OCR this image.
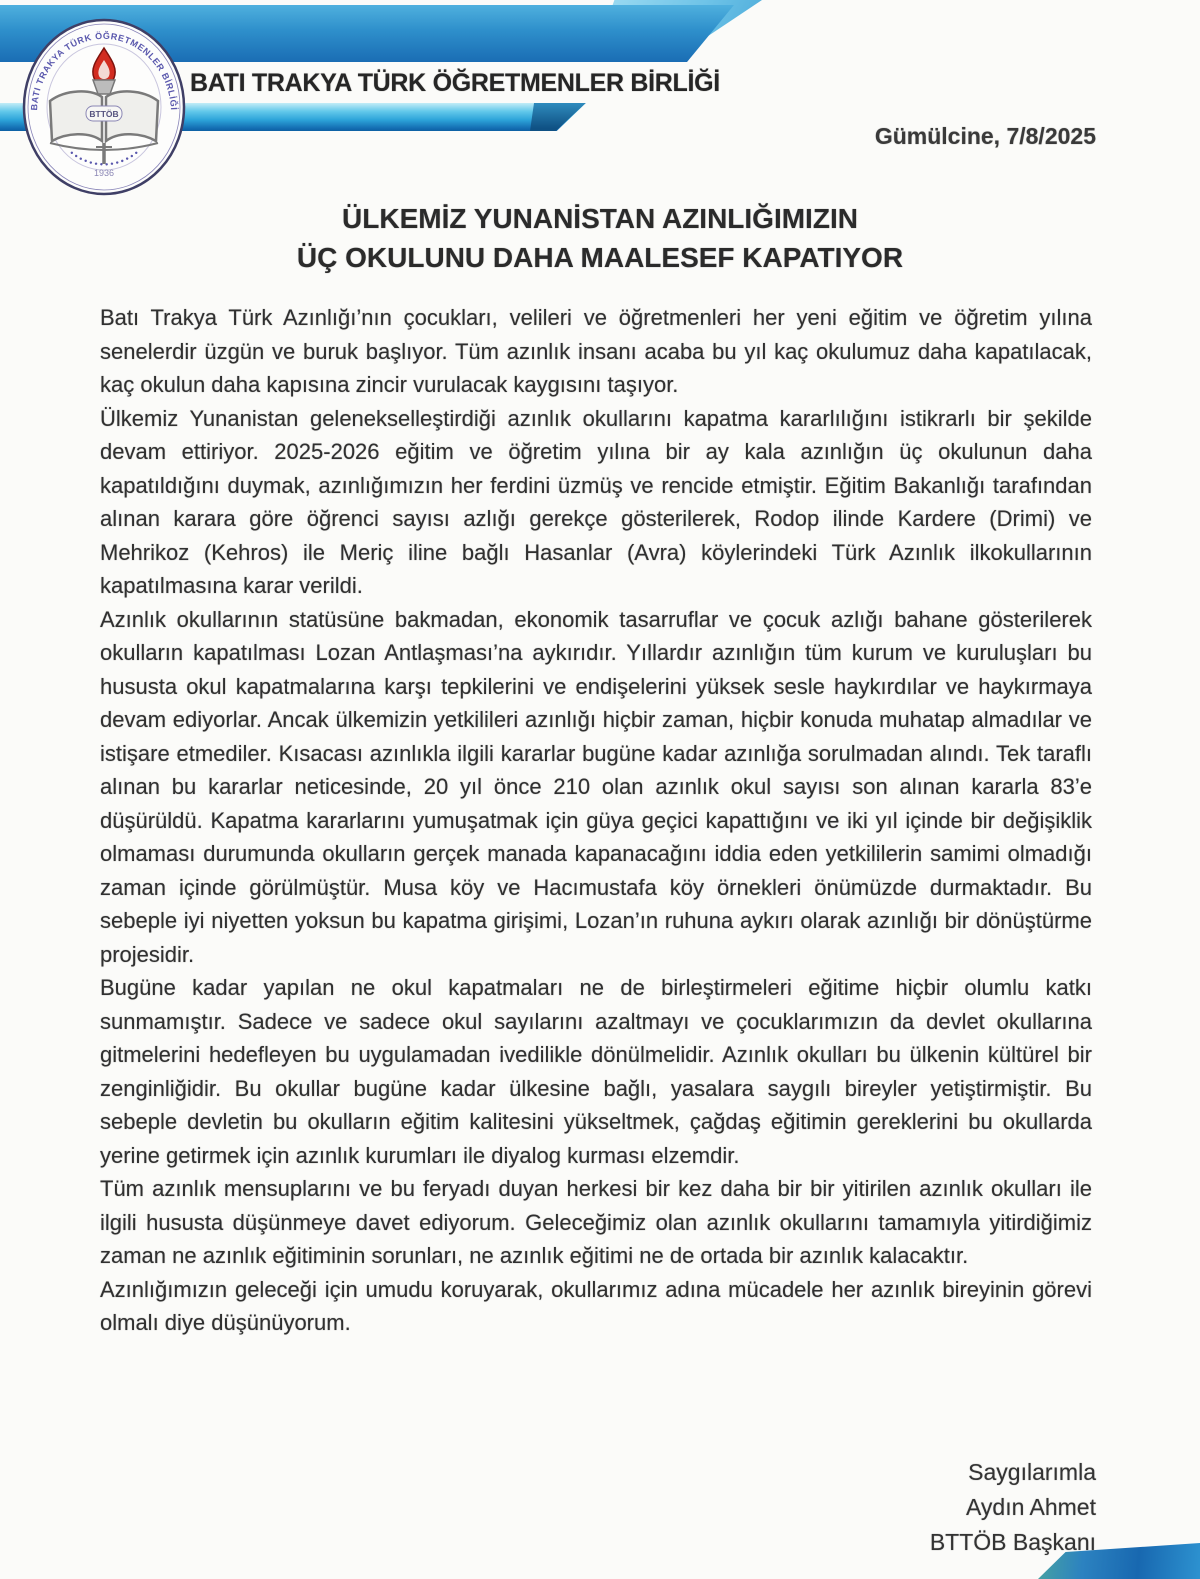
BATI TRAKYA TÜRK ÖĞRETMENLER BİRLİĞİ
• • • • • • • • • • • • • •
BTTÖB
1936
BATI TRAKYA TÜRK ÖĞRETMENLER BİRLİĞİ
Gümülcine, 7/8/2025
ÜLKEMİZ YUNANİSTAN AZINLIĞIMIZIN
ÜÇ OKULUNU DAHA MAALESEF KAPATIYOR

Batı Trakya Türk Azınlığı’nın çocukları, velileri ve öğretmenleri her yeni eğitim ve öğretim yılına senelerdir üzgün ve buruk başlıyor. Tüm azınlık insanı acaba bu yıl kaç okulumuz daha kapatılacak, kaç okulun daha kapısına zincir vurulacak kaygısını taşıyor.

Ülkemiz Yunanistan gelenekselleştirdiği azınlık okullarını kapatma kararlılığını istikrarlı bir şekilde devam ettiriyor. 2025-2026 eğitim ve öğretim yılına bir ay kala azınlığın üç okulunun daha kapatıldığını duymak, azınlığımızın her ferdini üzmüş ve rencide etmiştir. Eğitim Bakanlığı tarafından alınan karara göre öğrenci sayısı azlığı gerekçe gösterilerek, Rodop ilinde Kardere (Drimi) ve Mehrikoz (Kehros) ile Meriç iline bağlı Hasanlar (Avra) köylerindeki Türk Azınlık ilkokullarının kapatılmasına karar verildi.

Azınlık okullarının statüsüne bakmadan, ekonomik tasarruflar ve çocuk azlığı bahane gösterilerek okulların kapatılması Lozan Antlaşması’na aykırıdır. Yıllardır azınlığın tüm kurum ve kuruluşları bu hususta okul kapatmalarına karşı tepkilerini ve endişelerini yüksek sesle haykırdılar ve haykırmaya devam ediyorlar. Ancak ülkemizin yetkilileri azınlığı hiçbir zaman, hiçbir konuda muhatap almadılar ve istişare etmediler. Kısacası azınlıkla ilgili kararlar bugüne kadar azınlığa sorulmadan alındı. Tek taraflı alınan bu kararlar neticesinde, 20 yıl önce 210 olan azınlık okul sayısı son alınan kararla 83’e düşürüldü. Kapatma kararlarını yumuşatmak için güya geçici kapattığını ve iki yıl içinde bir değişiklik olmaması durumunda okulların gerçek manada kapanacağını iddia eden yetkililerin samimi olmadığı zaman içinde görülmüştür. Musa köy ve Hacımustafa köy örnekleri önümüzde durmaktadır. Bu sebeple iyi niyetten yoksun bu kapatma girişimi, Lozan’ın ruhuna aykırı olarak azınlığı bir dönüştürme projesidir.

Bugüne kadar yapılan ne okul kapatmaları ne de birleştirmeleri eğitime hiçbir olumlu katkı sunmamıştır. Sadece ve sadece okul sayılarını azaltmayı ve çocuklarımızın da devlet okullarına gitmelerini hedefleyen bu uygulamadan ivedilikle dönülmelidir. Azınlık okulları bu ülkenin kültürel bir zenginliğidir. Bu okullar bugüne kadar ülkesine bağlı, yasalara saygılı bireyler yetiştirmiştir. Bu sebeple devletin bu okulların eğitim kalitesini yükseltmek, çağdaş eğitimin gereklerini bu okullarda yerine getirmek için azınlık kurumları ile diyalog kurması elzemdir.

Tüm azınlık mensuplarını ve bu feryadı duyan herkesi bir kez daha bir bir yitirilen azınlık okulları ile ilgili hususta düşünmeye davet ediyorum. Geleceğimiz olan azınlık okullarını tamamıyla yitirdiğimiz zaman ne azınlık eğitiminin sorunları, ne azınlık eğitimi ne de ortada bir azınlık kalacaktır.

Azınlığımızın geleceği için umudu koruyarak, okullarımız adına mücadele her azınlık bireyinin görevi olmalı diye düşünüyorum.

Saygılarımla
Aydın Ahmet
BTTÖB Başkanı
